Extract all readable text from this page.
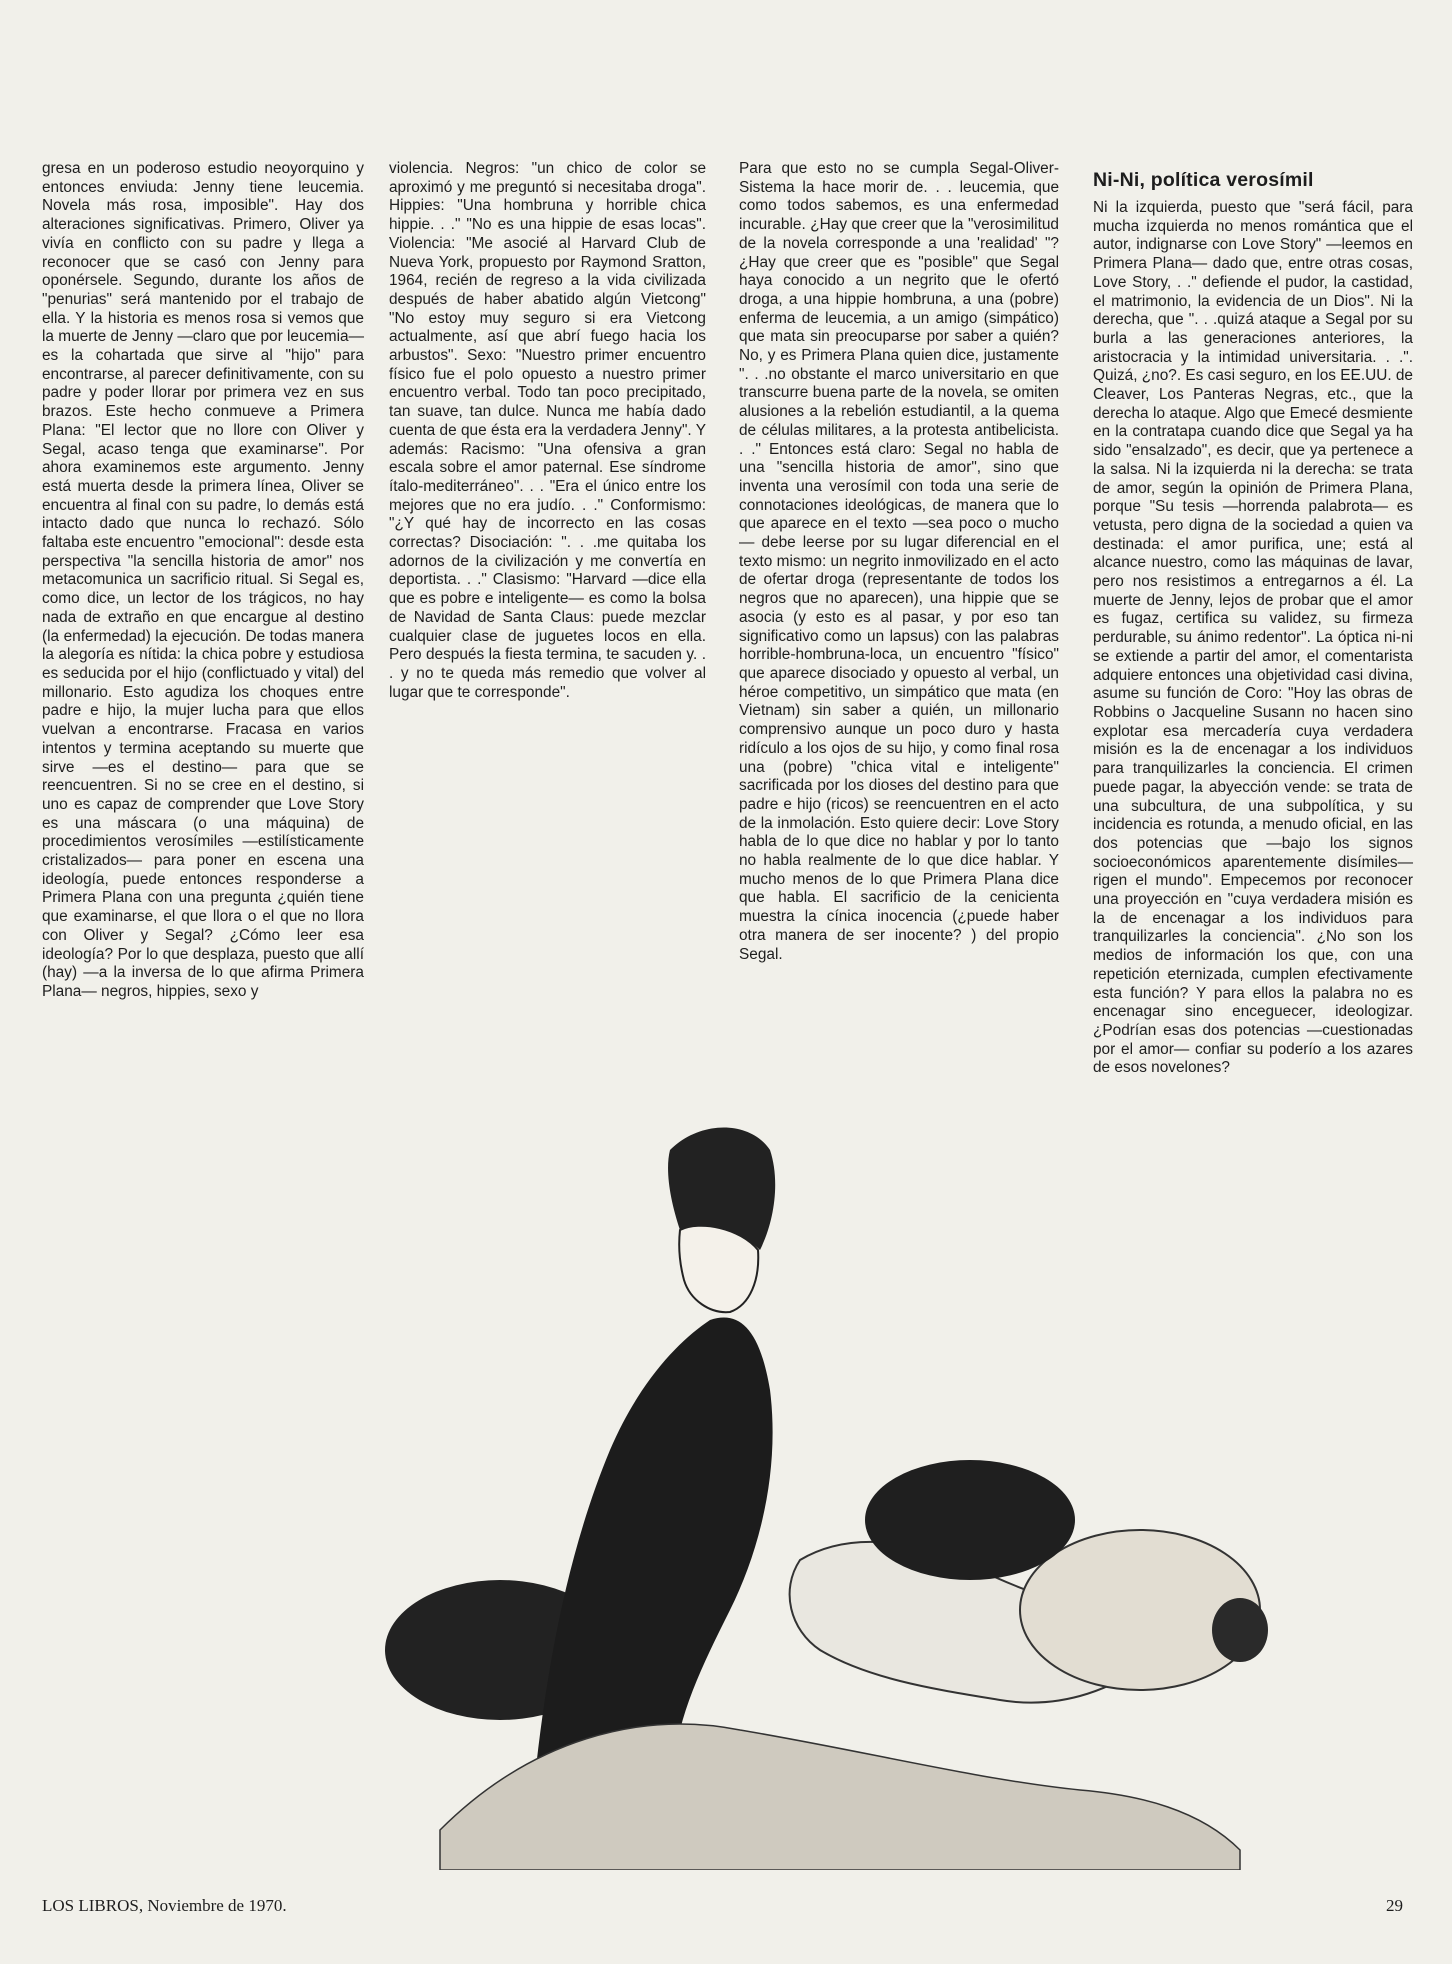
gresa en un poderoso estudio neoyorquino y entonces enviuda: Jenny tiene leucemia. Novela más rosa, imposible". Hay dos alteraciones significativas. Primero, Oliver ya vivía en conflicto con su padre y llega a reconocer que se casó con Jenny para oponérsele. Segundo, durante los años de "penurias" será mantenido por el trabajo de ella. Y la historia es menos rosa si vemos que la muerte de Jenny —claro que por leucemia— es la cohartada que sirve al "hijo" para encontrarse, al parecer definitivamente, con su padre y poder llorar por primera vez en sus brazos. Este hecho conmueve a Primera Plana: "El lector que no llore con Oliver y Segal, acaso tenga que examinarse". Por ahora examinemos este argumento. Jenny está muerta desde la primera línea, Oliver se encuentra al final con su padre, lo demás está intacto dado que nunca lo rechazó. Sólo faltaba este encuentro "emocional": desde esta perspectiva "la sencilla historia de amor" nos metacomunica un sacrificio ritual. Si Segal es, como dice, un lector de los trágicos, no hay nada de extraño en que encargue al destino (la enfermedad) la ejecución. De todas manera la alegoría es nítida: la chica pobre y estudiosa es seducida por el hijo (conflictuado y vital) del millonario. Esto agudiza los choques entre padre e hijo, la mujer lucha para que ellos vuelvan a encontrarse. Fracasa en varios intentos y termina aceptando su muerte que sirve —es el destino— para que se reencuentren. Si no se cree en el destino, si uno es capaz de comprender que Love Story es una máscara (o una máquina) de procedimientos verosímiles —estilísticamente cristalizados— para poner en escena una ideología, puede entonces responderse a Primera Plana con una pregunta ¿quién tiene que examinarse, el que llora o el que no llora con Oliver y Segal? ¿Cómo leer esa ideología? Por lo que desplaza, puesto que allí (hay) —a la inversa de lo que afirma Primera Plana— negros, hippies, sexo y

violencia. Negros: "un chico de color se aproximó y me preguntó si necesitaba droga". Hippies: "Una hombruna y horrible chica hippie. . ." "No es una hippie de esas locas". Violencia: "Me asocié al Harvard Club de Nueva York, propuesto por Raymond Sratton, 1964, recién de regreso a la vida civilizada después de haber abatido algún Vietcong" "No estoy muy seguro si era Vietcong actualmente, así que abrí fuego hacia los arbustos". Sexo: "Nuestro primer encuentro físico fue el polo opuesto a nuestro primer encuentro verbal. Todo tan poco precipitado, tan suave, tan dulce. Nunca me había dado cuenta de que ésta era la verdadera Jenny". Y además: Racismo: "Una ofensiva a gran escala sobre el amor paternal. Ese síndrome ítalo-mediterráneo". . . "Era el único entre los mejores que no era judío. . ." Conformismo: "¿Y qué hay de incorrecto en las cosas correctas? Disociación: ". . .me quitaba los adornos de la civilización y me convertía en deportista. . ." Clasismo: "Harvard —dice ella que es pobre e inteligente— es como la bolsa de Navidad de Santa Claus: puede mezclar cualquier clase de juguetes locos en ella. Pero después la fiesta termina, te sacuden y. . . y no te queda más remedio que volver al lugar que te corresponde".

Para que esto no se cumpla Segal-Oliver-Sistema la hace morir de. . . leucemia, que como todos sabemos, es una enfermedad incurable. ¿Hay que creer que la "verosimilitud de la novela corresponde a una 'realidad' "? ¿Hay que creer que es "posible" que Segal haya conocido a un negrito que le ofertó droga, a una hippie hombruna, a una (pobre) enferma de leucemia, a un amigo (simpático) que mata sin preocuparse por saber a quién? No, y es Primera Plana quien dice, justamente ". . .no obstante el marco universitario en que transcurre buena parte de la novela, se omiten alusiones a la rebelión estudiantil, a la quema de células militares, a la protesta antibelicista. . ." Entonces está claro: Segal no habla de una "sencilla historia de amor", sino que inventa una verosímil con toda una serie de connotaciones ideológicas, de manera que lo que aparece en el texto —sea poco o mucho— debe leerse por su lugar diferencial en el texto mismo: un negrito inmovilizado en el acto de ofertar droga (representante de todos los negros que no aparecen), una hippie que se asocia (y esto es al pasar, y por eso tan significativo como un lapsus) con las palabras horrible-hombruna-loca, un encuentro "físico" que aparece disociado y opuesto al verbal, un héroe competitivo, un simpático que mata (en Vietnam) sin saber a quién, un millonario comprensivo aunque un poco duro y hasta ridículo a los ojos de su hijo, y como final rosa una (pobre) "chica vital e inteligente" sacrificada por los dioses del destino para que padre e hijo (ricos) se reencuentren en el acto de la inmolación. Esto quiere decir: Love Story habla de lo que dice no hablar y por lo tanto no habla realmente de lo que dice hablar. Y mucho menos de lo que Primera Plana dice que habla. El sacrificio de la cenicienta muestra la cínica inocencia (¿puede haber otra manera de ser inocente? ) del propio Segal.

Ni-Ni, política verosímil

Ni la izquierda, puesto que "será fácil, para mucha izquierda no menos romántica que el autor, indignarse con Love Story" —leemos en Primera Plana— dado que, entre otras cosas, Love Story, . ." defiende el pudor, la castidad, el matrimonio, la evidencia de un Dios". Ni la derecha, que ". . .quizá ataque a Segal por su burla a las generaciones anteriores, la aristocracia y la intimidad universitaria. . .". Quizá, ¿no?. Es casi seguro, en los EE.UU. de Cleaver, Los Panteras Negras, etc., que la derecha lo ataque. Algo que Emecé desmiente en la contratapa cuando dice que Segal ya ha sido "ensalzado", es decir, que ya pertenece a la salsa. Ni la izquierda ni la derecha: se trata de amor, según la opinión de Primera Plana, porque "Su tesis —horrenda palabrota— es vetusta, pero digna de la sociedad a quien va destinada: el amor purifica, une; está al alcance nuestro, como las máquinas de lavar, pero nos resistimos a entregarnos a él. La muerte de Jenny, lejos de probar que el amor es fugaz, certifica su validez, su firmeza perdurable, su ánimo redentor". La óptica ni-ni se extiende a partir del amor, el comentarista adquiere entonces una objetividad casi divina, asume su función de Coro: "Hoy las obras de Robbins o Jacqueline Susann no hacen sino explotar esa mercadería cuya verdadera misión es la de encenagar a los individuos para tranquilizarles la conciencia. El crimen puede pagar, la abyección vende: se trata de una subcultura, de una subpolítica, y su incidencia es rotunda, a menudo oficial, en las dos potencias que —bajo los signos socioeconómicos aparentemente disímiles— rigen el mundo". Empecemos por reconocer una proyección en "cuya verdadera misión es la de encenagar a los individuos para tranquilizarles la conciencia". ¿No son los medios de información los que, con una repetición eternizada, cumplen efectivamente esta función? Y para ellos la palabra no es encenagar sino enceguecer, ideologizar. ¿Podrían esas dos potencias —cuestionadas por el amor— confiar su poderío a los azares de esos novelones?

LOS LIBROS, Noviembre de 1970.	29
